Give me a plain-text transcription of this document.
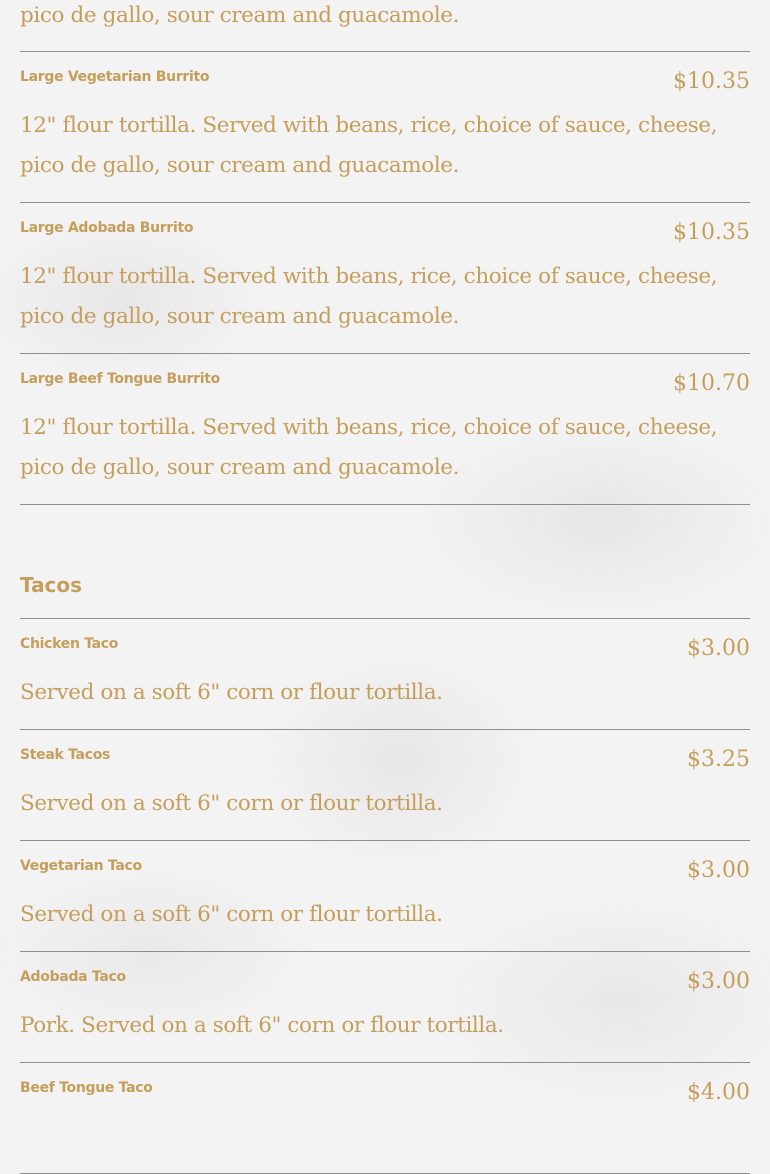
pico de gallo, sour cream and guacamole.

Large Vegetarian Burrito	$10.35

12" flour tortilla. Served with beans, rice, choice of sauce, cheese, pico de gallo, sour cream and guacamole.

Large Adobada Burrito	$10.35

12" flour tortilla. Served with beans, rice, choice of sauce, cheese, pico de gallo, sour cream and guacamole.

Large Beef Tongue Burrito	$10.70

12" flour tortilla. Served with beans, rice, choice of sauce, cheese, pico de gallo, sour cream and guacamole.

Tacos
Chicken Taco	$3.00

Served on a soft 6" corn or flour tortilla.

Steak Tacos	$3.25

Served on a soft 6" corn or flour tortilla.

Vegetarian Taco	$3.00

Served on a soft 6" corn or flour tortilla.

Adobada Taco	$3.00

Pork. Served on a soft 6" corn or flour tortilla.

Beef Tongue Taco	$4.00
